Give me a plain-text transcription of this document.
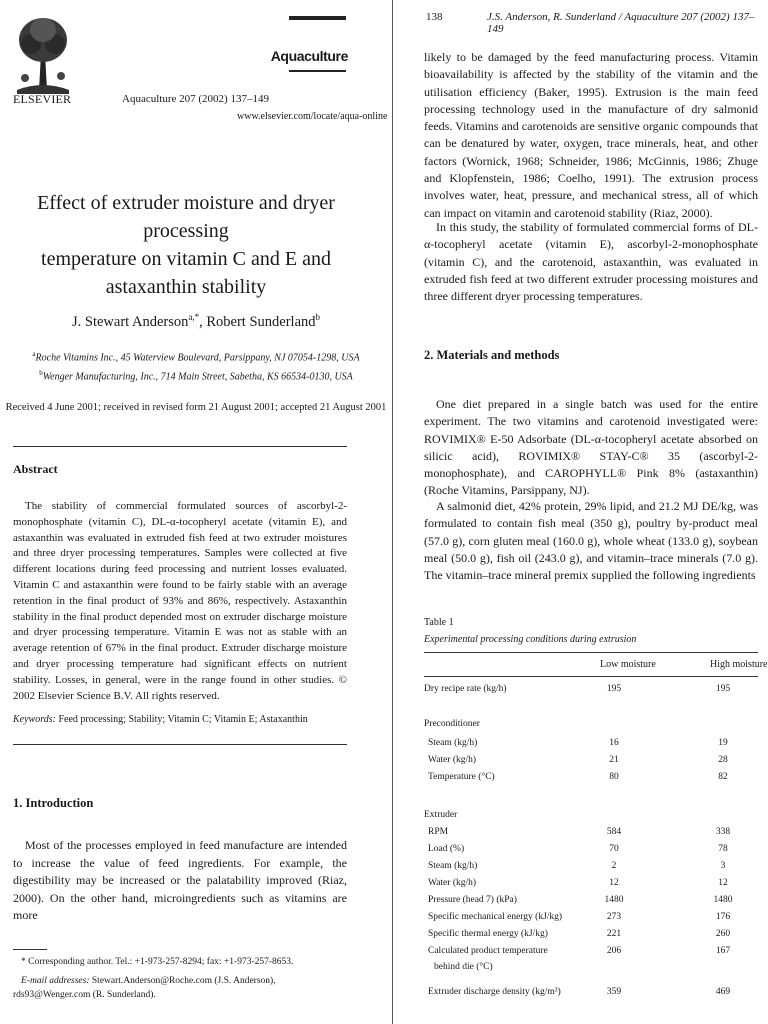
ELSEVIER
Aquaculture
Aquaculture 207 (2002) 137–149
www.elsevier.com/locate/aqua-online
Effect of extruder moisture and dryer processing
temperature on vitamin C and E and
astaxanthin stability
J. Stewart Anderson$^{a,*}$, Robert Sunderland$^b$
$^a$Roche Vitamins Inc., 45 Waterview Boulevard, Parsippany, NJ 07054-1298, USA
$^b$Wenger Manufacturing, Inc., 714 Main Street, Sabetha, KS 66534-0130, USA
Received 4 June 2001; received in revised form 21 August 2001; accepted 21 August 2001
Abstract
The stability of commercial formulated sources of ascorbyl-2-monophosphate (vitamin C), DL-α-tocopheryl acetate (vitamin E), and astaxanthin was evaluated in extruded fish feed at two extruder moistures and three dryer processing temperatures. Samples were collected at five different locations during feed processing and nutrient losses evaluated. Vitamin C and astaxanthin were found to be fairly stable with an average retention in the final product of 93% and 86%, respectively. Astaxanthin stability in the final product depended most on extruder discharge moisture and dryer processing temperature. Vitamin E was not as stable with an average retention of 67% in the final product. Extruder discharge moisture and dryer processing temperature had significant effects on nutrient stability. Losses, in general, were in the range found in other studies. © 2002 Elsevier Science B.V. All rights reserved.
Keywords: Feed processing; Stability; Vitamin C; Vitamin E; Astaxanthin
1. Introduction
Most of the processes employed in feed manufacture are intended to increase the value of feed ingredients. For example, the digestibility may be increased or the palatability improved (Riaz, 2000). On the other hand, microingredients such as vitamins are more
* Corresponding author. Tel.: +1-973-257-8294; fax: +1-973-257-8653.
E-mail addresses: Stewart.Anderson@Roche.com (J.S. Anderson), rds93@Wenger.com (R. Sunderland).
138	J.S. Anderson, R. Sunderland / Aquaculture 207 (2002) 137–149
likely to be damaged by the feed manufacturing process. Vitamin bioavailability is affected by the stability of the vitamin and the utilisation efficiency (Baker, 1995). Extrusion is the main feed processing technology used in the manufacture of dry salmonid feeds. Vitamins and carotenoids are sensitive organic compounds that can be denatured by water, oxygen, trace minerals, heat, and other factors (Wornick, 1968; Schneider, 1986; McGinnis, 1986; Zhuge and Klopfenstein, 1986; Coelho, 1991). The extrusion process involves water, heat, pressure, and mechanical stress, all of which can impact on vitamin and carotenoid stability (Riaz, 2000).
In this study, the stability of formulated commercial forms of DL-α-tocopheryl acetate (vitamin E), ascorbyl-2-monophosphate (vitamin C), and the carotenoid, astaxanthin, was evaluated in extruded fish feed at two different extruder processing moistures and three different dryer processing temperatures.
2. Materials and methods
One diet prepared in a single batch was used for the entire experiment. The two vitamins and carotenoid investigated were: ROVIMIX® E-50 Adsorbate (DL-α-tocopheryl acetate absorbed on silicic acid), ROVIMIX® STAY-C® 35 (ascorbyl-2-monophosphate), and CAROPHYLL® Pink 8% (astaxanthin) (Roche Vitamins, Parsippany, NJ).
A salmonid diet, 42% protein, 29% lipid, and 21.2 MJ DE/kg, was formulated to contain fish meal (350 g), poultry by-product meal (57.0 g), corn gluten meal (160.0 g), whole wheat (133.0 g), soybean meal (50.0 g), fish oil (243.0 g), and vitamin–trace minerals (7.0 g). The vitamin–trace mineral premix supplied the following ingredients
Table 1
Experimental processing conditions during extrusion
Low moisture	High moisture
Dry recipe rate (kg/h)	195	195
Preconditioner
Steam (kg/h)	16	19
Water (kg/h)	21	28
Temperature (°C)	80	82
Extruder
RPM	584	338
Load (%)	70	78
Steam (kg/h)	2	3
Water (kg/h)	12	12
Pressure (head 7) (kPa)	1480	1480
Specific mechanical energy (kJ/kg)	273	176
Specific thermal energy (kJ/kg)	221	260
Calculated product temperature
behind die (°C)
206	167
Extruder discharge density (kg/m³)	359	469
